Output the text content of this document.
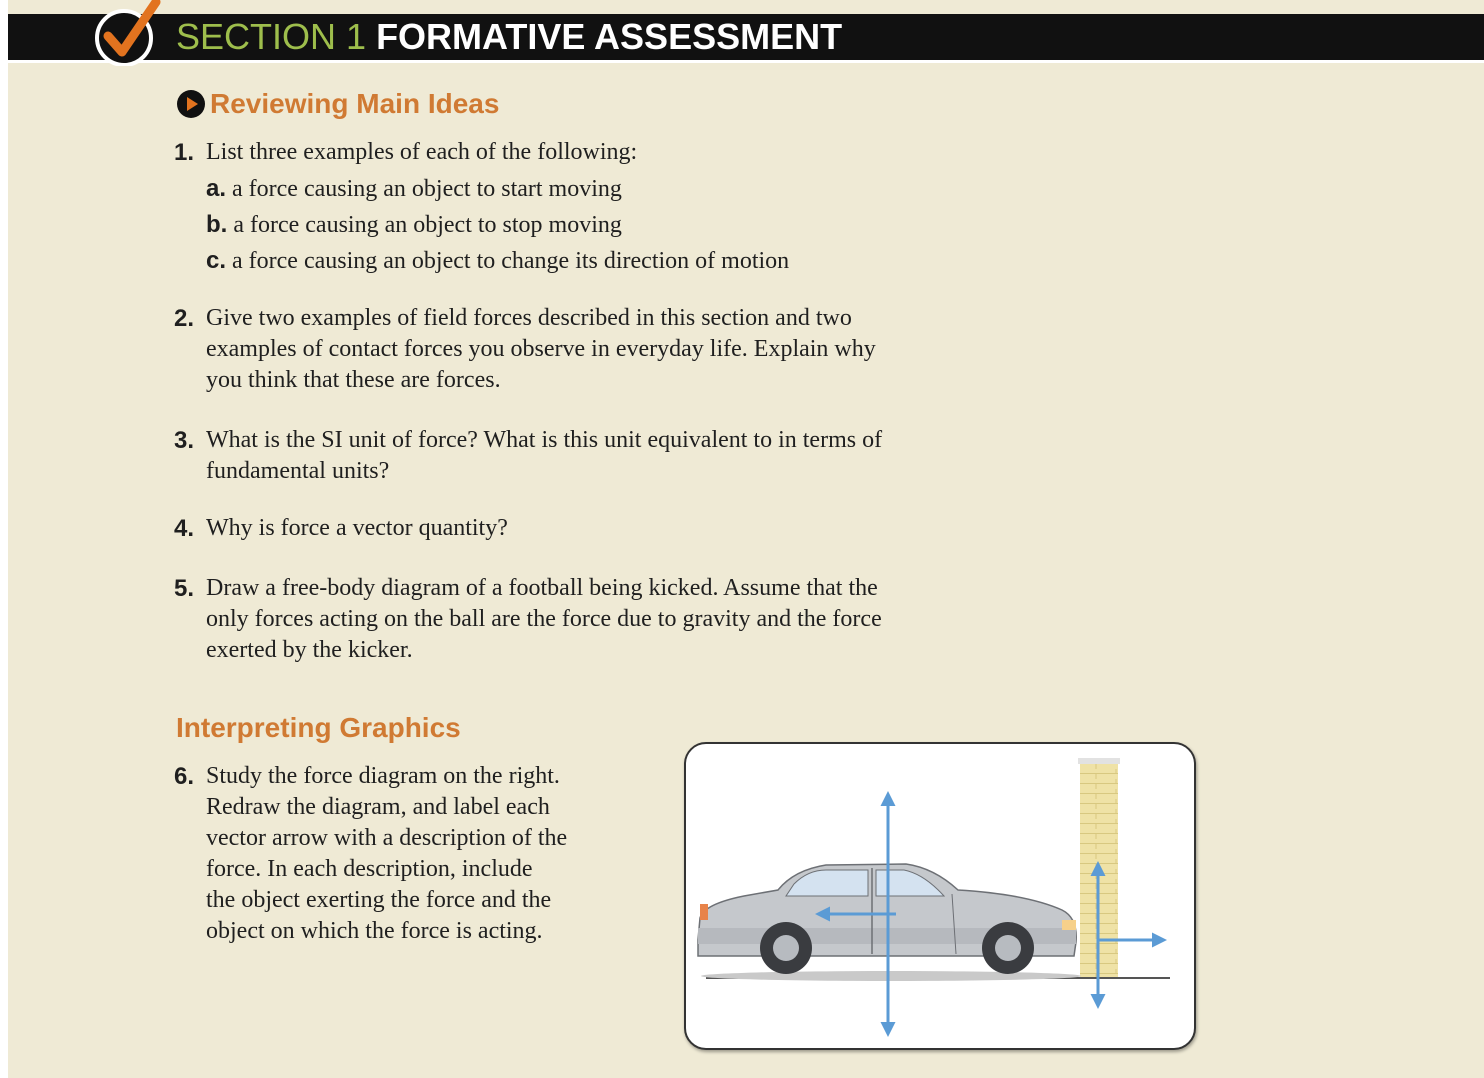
SECTION 1 FORMATIVE ASSESSMENT
Reviewing Main Ideas
1. List three examples of each of the following:
a. a force causing an object to start moving
b. a force causing an object to stop moving
c. a force causing an object to change its direction of motion
2. Give two examples of field forces described in this section and two
examples of contact forces you observe in everyday life. Explain why
you think that these are forces.
3. What is the SI unit of force? What is this unit equivalent to in terms of
fundamental units?
4. Why is force a vector quantity?
5. Draw a free-body diagram of a football being kicked. Assume that the
only forces acting on the ball are the force due to gravity and the force
exerted by the kicker.
Interpreting Graphics
6. Study the force diagram on the right.
Redraw the diagram, and label each
vector arrow with a description of the
force. In each description, include
the object exerting the force and the
object on which the force is acting.
